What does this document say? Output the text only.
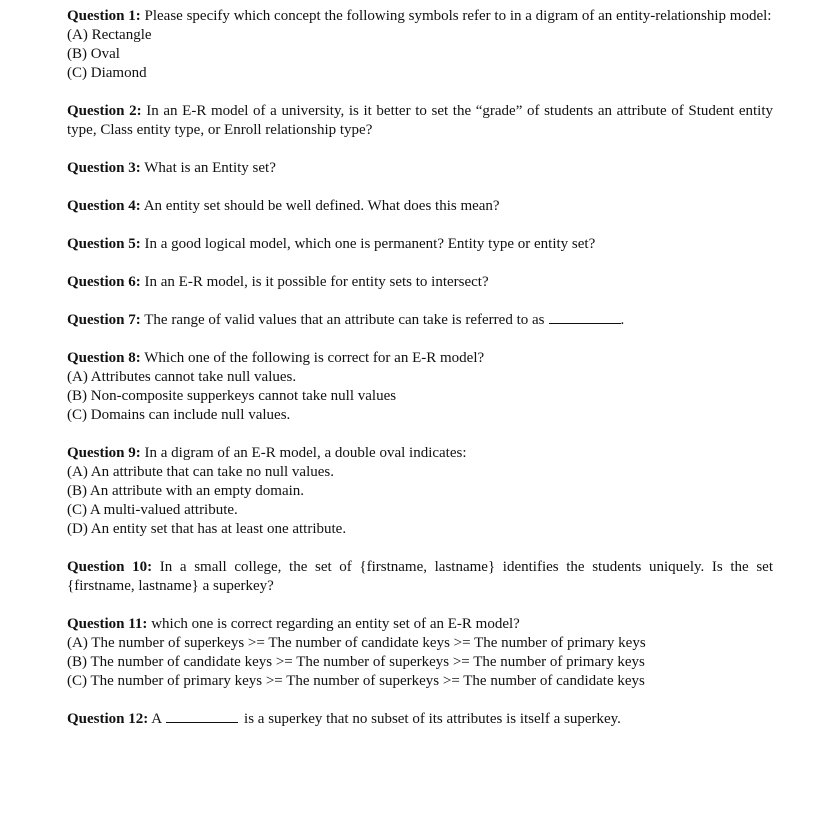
Question 1: Please specify which concept the following symbols refer to in a digram of an entity-relationship model:
(A) Rectangle
(B) Oval
(C) Diamond
Question 2: In an E-R model of a university, is it better to set the “grade” of students an attribute of Student entity type, Class entity type, or Enroll relationship type?
Question 3: What is an Entity set?
Question 4: An entity set should be well defined. What does this mean?
Question 5: In a good logical model, which one is permanent? Entity type or entity set?
Question 6: In an E-R model, is it possible for entity sets to intersect?
Question 7: The range of valid values that an attribute can take is referred to as	.
Question 8: Which one of the following is correct for an E-R model?
(A) Attributes cannot take null values.
(B) Non-composite supperkeys cannot take null values
(C) Domains can include null values.
Question 9: In a digram of an E-R model, a double oval indicates:
(A) An attribute that can take no null values.
(B) An attribute with an empty domain.
(C) A multi-valued attribute.
(D) An entity set that has at least one attribute.
Question 10: In a small college, the set of {firstname, lastname} identifies the students uniquely. Is the set {firstname, lastname} a superkey?
Question 11: which one is correct regarding an entity set of an E-R model?
(A) The number of superkeys >= The number of candidate keys >= The number of primary keys
(B) The number of candidate keys >= The number of superkeys >= The number of primary keys
(C) The number of primary keys >= The number of superkeys >= The number of candidate keys
Question 12: A	is a superkey that no subset of its attributes is itself a superkey.
